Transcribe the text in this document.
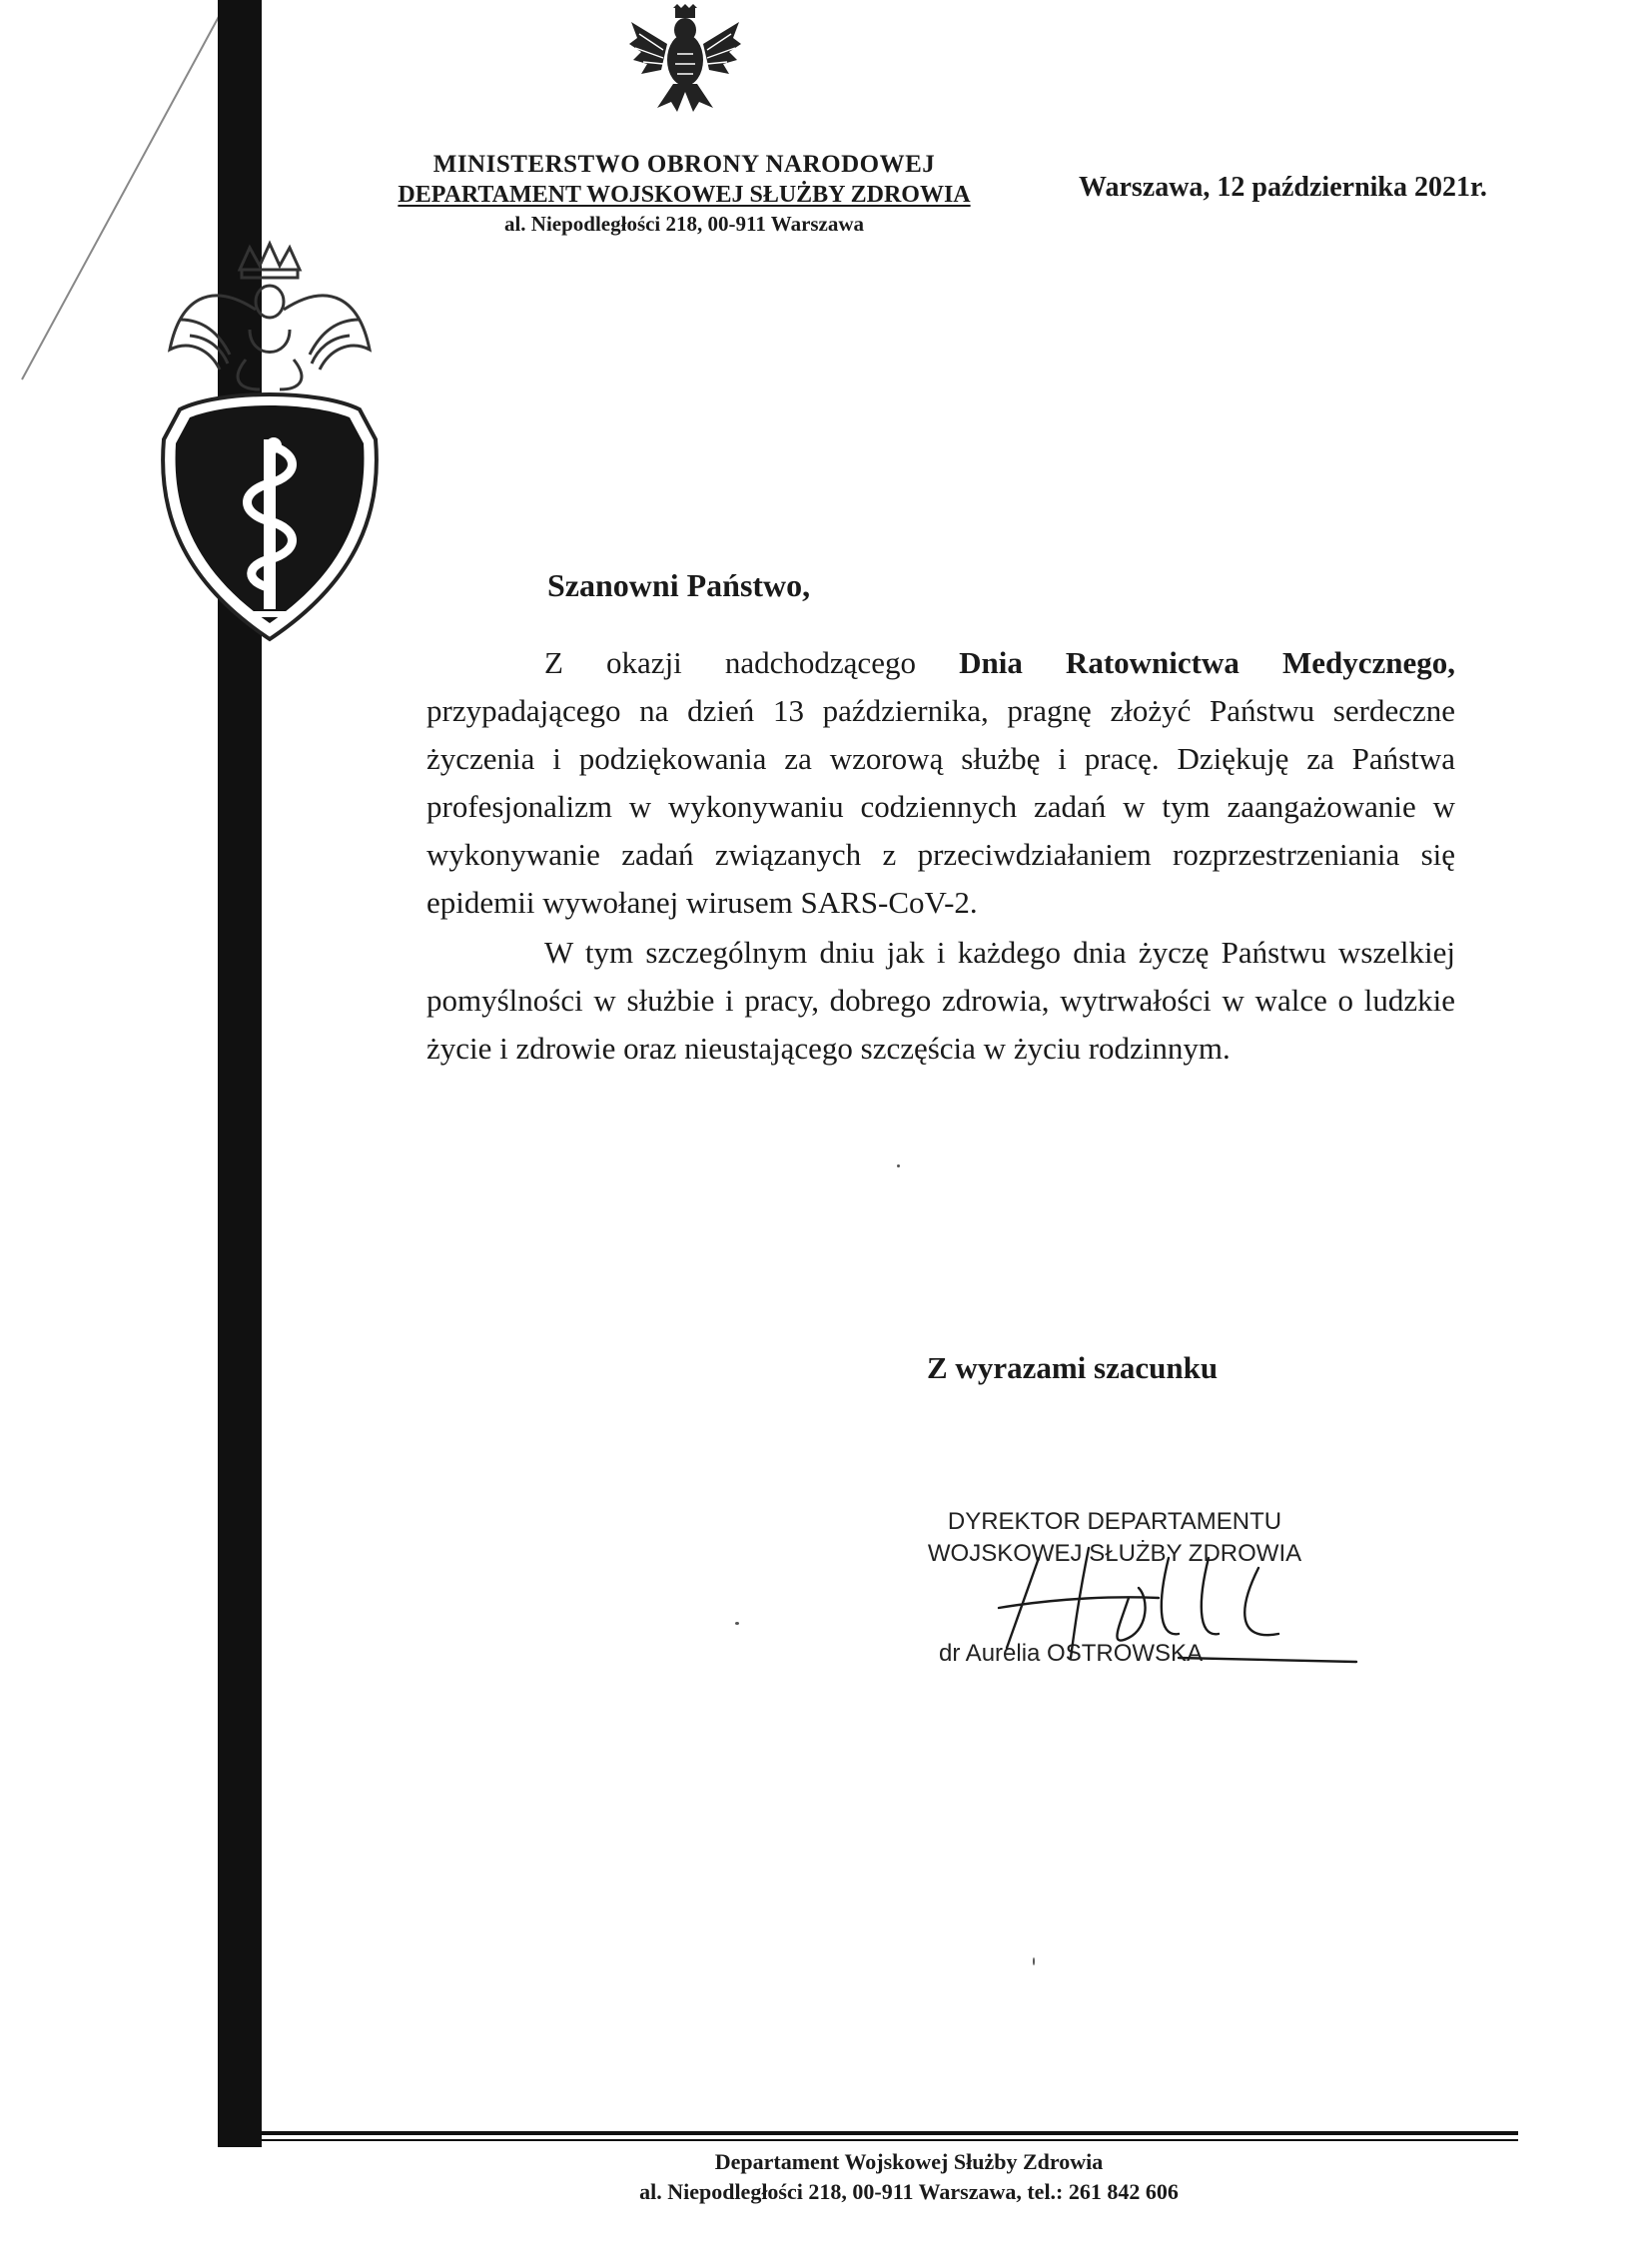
MINISTERSTWO OBRONY NARODOWEJ
DEPARTAMENT WOJSKOWEJ SŁUŻBY ZDROWIA
al. Niepodległości 218, 00-911 Warszawa
Warszawa, 12 października 2021r.
Szanowni Państwo,

Z okazji nadchodzącego Dnia Ratownictwa Medycznego, przypadającego na dzień 13 października, pragnę złożyć Państwu serdeczne życzenia i podziękowania za wzorową służbę i pracę. Dziękuję za Państwa profesjonalizm w wykonywaniu codziennych zadań w tym zaangażowanie w wykonywanie zadań związanych z przeciwdziałaniem rozprzestrzeniania się epidemii wywołanej wirusem SARS-CoV-2.

W tym szczególnym dniu jak i każdego dnia życzę Państwu wszelkiej pomyślności w służbie i pracy, dobrego zdrowia, wytrwałości w walce o ludzkie życie i zdrowie oraz nieustającego szczęścia w życiu rodzinnym.

Z wyrazami szacunku
DYREKTOR DEPARTAMENTU
WOJSKOWEJ SŁUŻBY ZDROWIA
dr Aurelia OSTROWSKA
Departament Wojskowej Służby Zdrowia
al. Niepodległości 218, 00-911 Warszawa, tel.: 261 842 606
